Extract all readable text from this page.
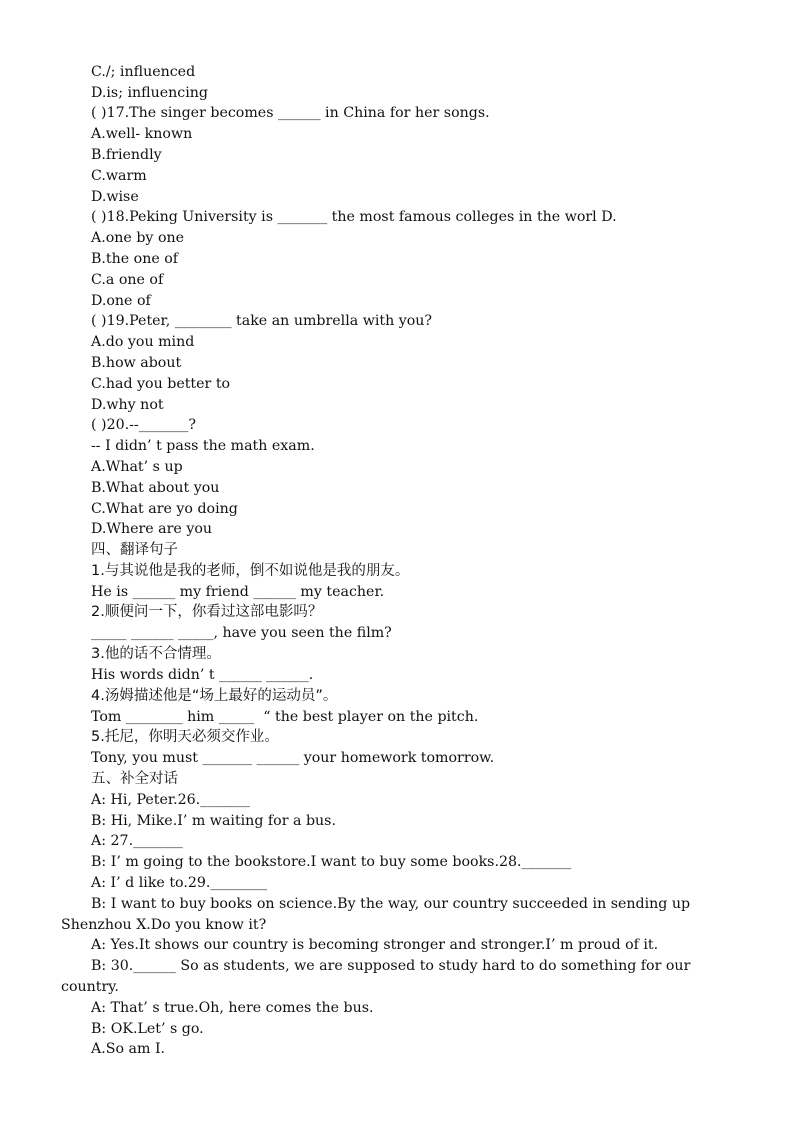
C./; influenced
D.is; influencing
( )17.The singer becomes ______ in China for her songs.
A.well- known
B.friendly
C.warm
D.wise
( )18.Peking University is _______ the most famous colleges in the worl D.
A.one by one
B.the one of
C.a one of
D.one of
( )19.Peter, ________ take an umbrella with you?
A.do you mind
B.how about
C.had you better to
D.why not
( )20.--_______?
-- I didn’ t pass the math exam.
A.What’ s up
B.What about you
C.What are yo doing
D.Where are you
四、翻译句子
1.与其说他是我的老师，倒不如说他是我的朋友。
He is ______ my friend ______ my teacher.
2.顺便问一下，你看过这部电影吗？
_____ ______ _____, have you seen the film?
3.他的话不合情理。
His words didn’ t ______ ______.
4.汤姆描述他是“场上最好的运动员”。
Tom ________ him _____  “ the best player on the pitch.
5.托尼，你明天必须交作业。
Tony, you must _______ ______ your homework tomorrow.
五、补全对话
A: Hi, Peter.26._______
B: Hi, Mike.I’ m waiting for a bus.
A: 27._______
B: I’ m going to the bookstore.I want to buy some books.28._______
A: I’ d like to.29.________
B: I want to buy books on science.By the way, our country succeeded in sending up
Shenzhou X.Do you know it?
A: Yes.It shows our country is becoming stronger and stronger.I’ m proud of it.
B: 30.______ So as students, we are supposed to study hard to do something for our
country.
A: That’ s true.Oh, here comes the bus.
B: OK.Let’ s go.
A.So am I.
